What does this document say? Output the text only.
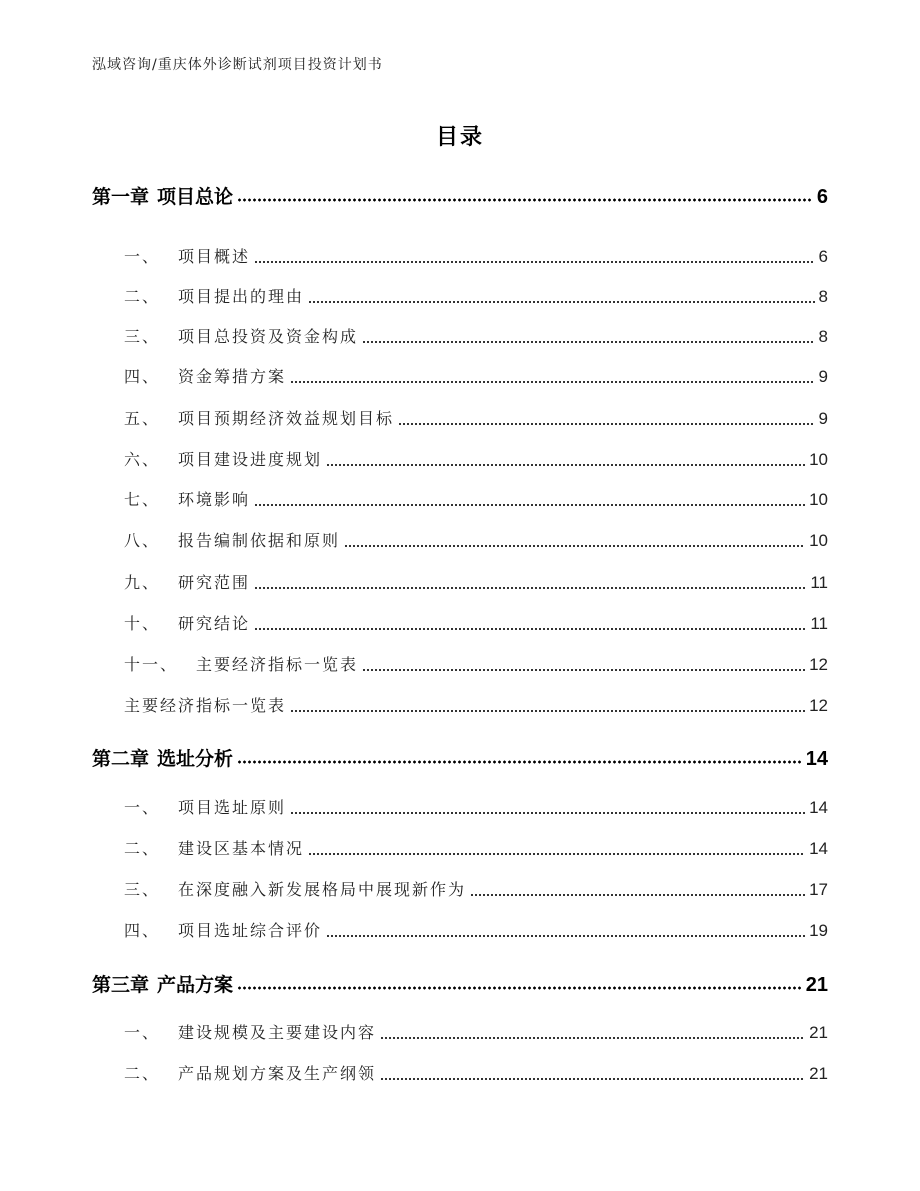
泓域咨询/重庆体外诊断试剂项目投资计划书
目录
第一章 项目总论	6
一、 项目概述	6
二、 项目提出的理由	8
三、 项目总投资及资金构成	8
四、 资金筹措方案	9
五、 项目预期经济效益规划目标	9
六、 项目建设进度规划	10
七、 环境影响	10
八、 报告编制依据和原则	10
九、 研究范围	11
十、 研究结论	11
十一、 主要经济指标一览表	12
主要经济指标一览表	12
第二章 选址分析	14
一、 项目选址原则	14
二、 建设区基本情况	14
三、 在深度融入新发展格局中展现新作为	17
四、 项目选址综合评价	19
第三章 产品方案	21
一、 建设规模及主要建设内容	21
二、 产品规划方案及生产纲领	21
